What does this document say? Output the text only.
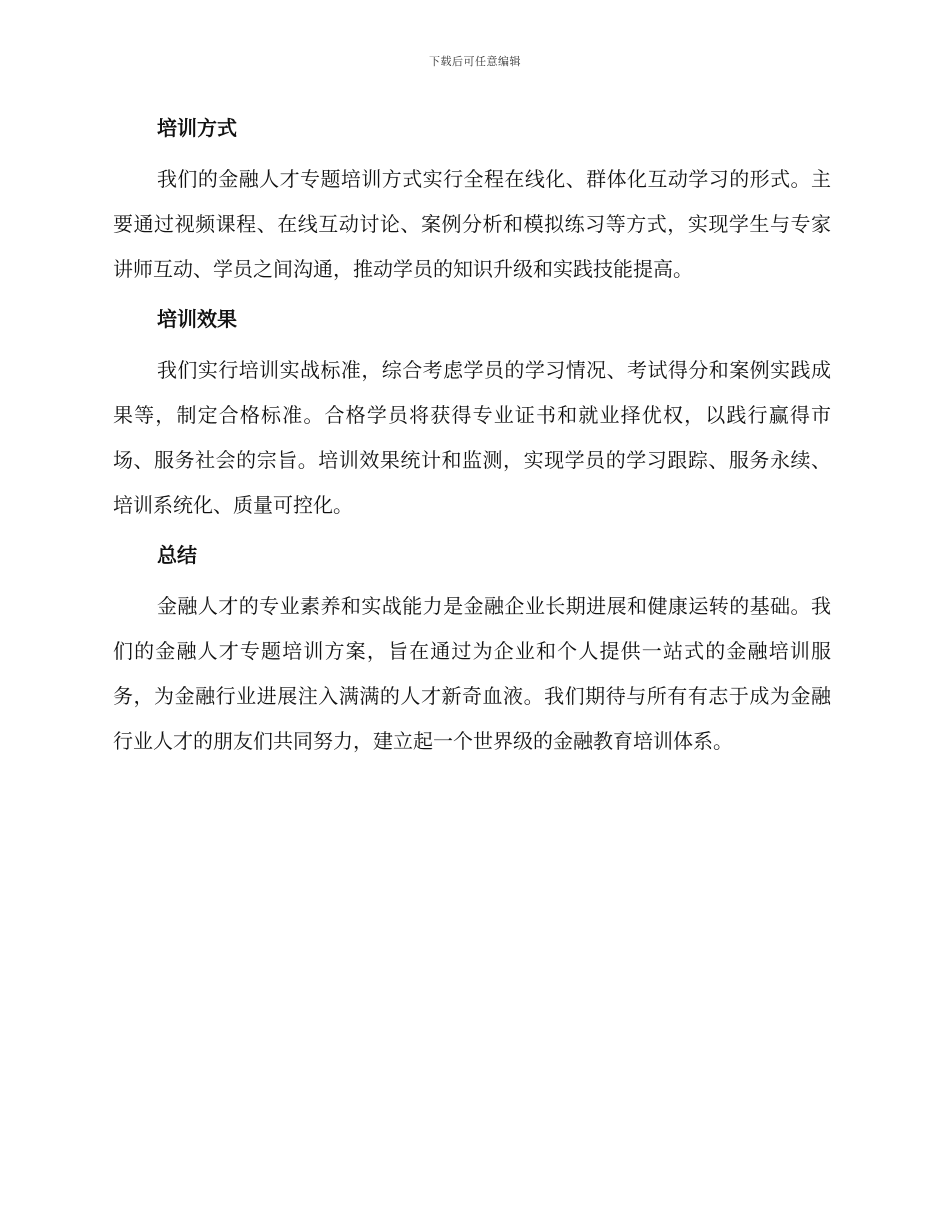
下载后可任意编辑
培训方式

我们的金融人才专题培训方式实行全程在线化、群体化互动学习的形式。主要通过视频课程、在线互动讨论、案例分析和模拟练习等方式，实现学生与专家讲师互动、学员之间沟通，推动学员的知识升级和实践技能提高。

培训效果

我们实行培训实战标准，综合考虑学员的学习情况、考试得分和案例实践成果等，制定合格标准。合格学员将获得专业证书和就业择优权，以践行赢得市场、服务社会的宗旨。培训效果统计和监测，实现学员的学习跟踪、服务永续、培训系统化、质量可控化。

总结

金融人才的专业素养和实战能力是金融企业长期进展和健康运转的基础。我们的金融人才专题培训方案，旨在通过为企业和个人提供一站式的金融培训服务，为金融行业进展注入满满的人才新奇血液。我们期待与所有有志于成为金融行业人才的朋友们共同努力，建立起一个世界级的金融教育培训体系。
